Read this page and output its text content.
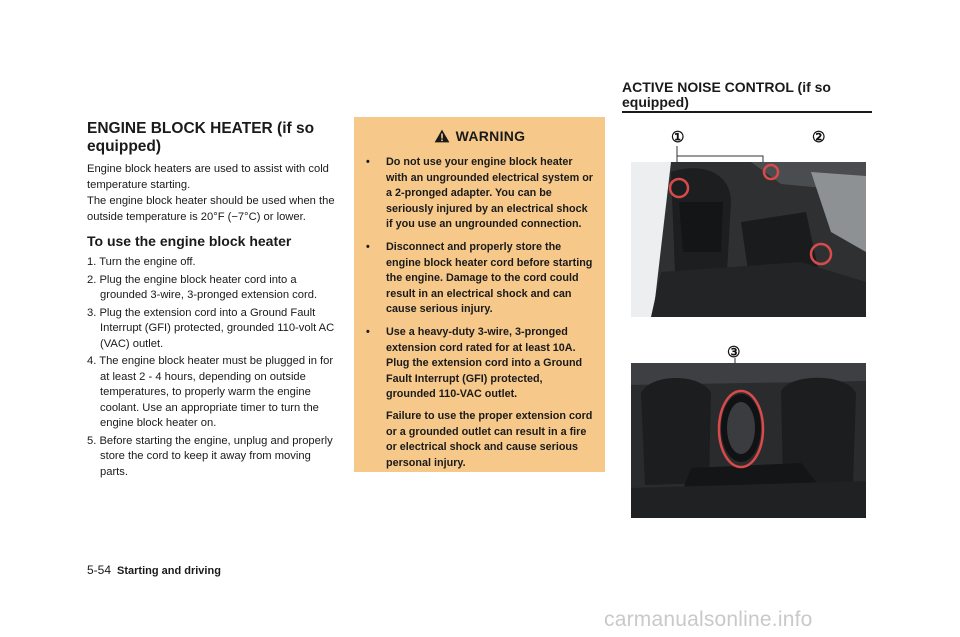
ENGINE BLOCK HEATER (if so equipped)
Engine block heaters are used to assist with cold temperature starting.
The engine block heater should be used when the outside temperature is 20°F (−7°C) or lower.
To use the engine block heater
1. Turn the engine off.
2. Plug the engine block heater cord into a grounded 3-wire, 3-pronged extension cord.
3. Plug the extension cord into a Ground Fault Interrupt (GFI) protected, grounded 110-volt AC (VAC) outlet.
4. The engine block heater must be plugged in for at least 2 - 4 hours, depending on outside temperatures, to properly warm the engine coolant. Use an appropriate timer to turn the engine block heater on.
5. Before starting the engine, unplug and properly store the cord to keep it away from moving parts.
WARNING
• Do not use your engine block heater with an ungrounded electrical system or a 2-pronged adapter. You can be seriously injured by an electrical shock if you use an ungrounded connection.
• Disconnect and properly store the engine block heater cord before starting the engine. Damage to the cord could result in an electrical shock and can cause serious injury.
• Use a heavy-duty 3-wire, 3-pronged extension cord rated for at least 10A. Plug the extension cord into a Ground Fault Interrupt (GFI) protected, grounded 110-VAC outlet.
Failure to use the proper extension cord or a grounded outlet can result in a fire or electrical shock and cause serious personal injury.
ACTIVE NOISE CONTROL (if so equipped)
①	②
③
5-54 Starting and driving
carmanualsonline.info
